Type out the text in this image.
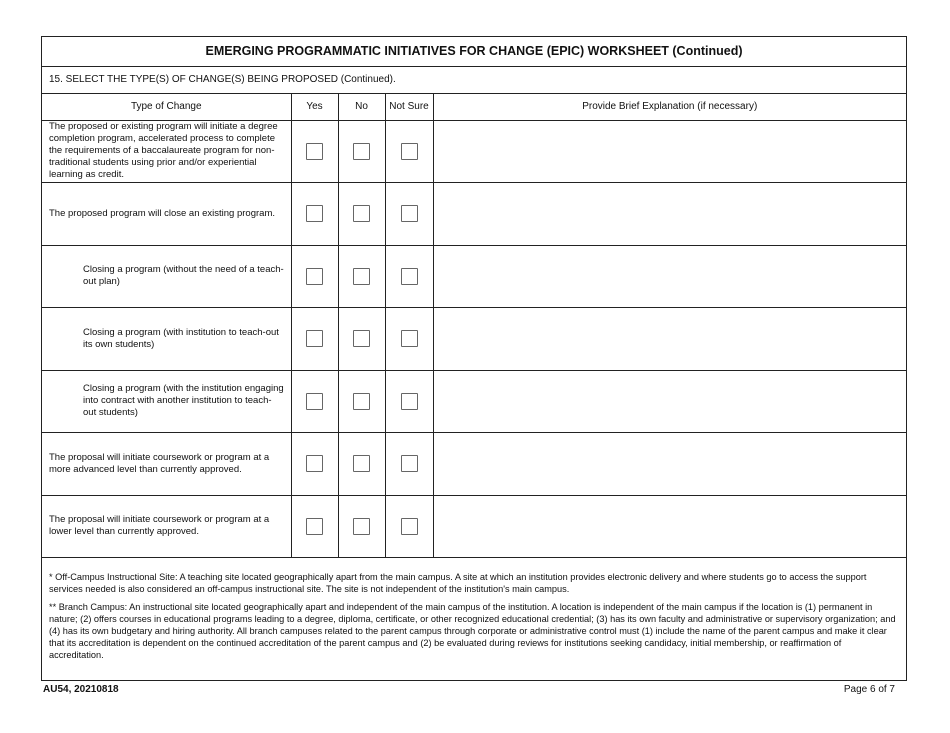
EMERGING PROGRAMMATIC INITIATIVES FOR CHANGE (EPIC) WORKSHEET (Continued)
15. SELECT THE TYPE(S) OF CHANGE(S) BEING PROPOSED (Continued).
Type of Change	Yes	No	Not Sure	Provide Brief Explanation (if necessary)
The proposed or existing program will initiate a degree completion program, accelerated process to complete the requirements of a baccalaureate program for non-traditional students using prior and/or experiential learning as credit.				
The proposed program will close an existing program.				
Closing a program (without the need of a teach-out plan)				
Closing a program (with institution to teach-out its own students)				
Closing a program (with the institution engaging into contract with another institution to teach-out students)				
The proposal will initiate coursework or program at a more advanced level than currently approved.				
The proposal will initiate coursework or program at a lower level than currently approved.				

* Off-Campus Instructional Site: A teaching site located geographically apart from the main campus. A site at which an institution provides electronic delivery and where students go to access the support services needed is also considered an off-campus instructional site. The site is not independent of the institution's main campus.

** Branch Campus: An instructional site located geographically apart and independent of the main campus of the institution. A location is independent of the main campus if the location is (1) permanent in nature; (2) offers courses in educational programs leading to a degree, diploma, certificate, or other recognized educational credential; (3) has its own faculty and administrative or supervisory organization; and (4) has its own budgetary and hiring authority. All branch campuses related to the parent campus through corporate or administrative control must (1) include the name of the parent campus and make it clear that its accreditation is dependent on the continued accreditation of the parent campus and (2) be evaluated during reviews for institutions seeking candidacy, initial membership, or reaffirmation of accreditation.

AU54, 20210818	Page 6 of 7
